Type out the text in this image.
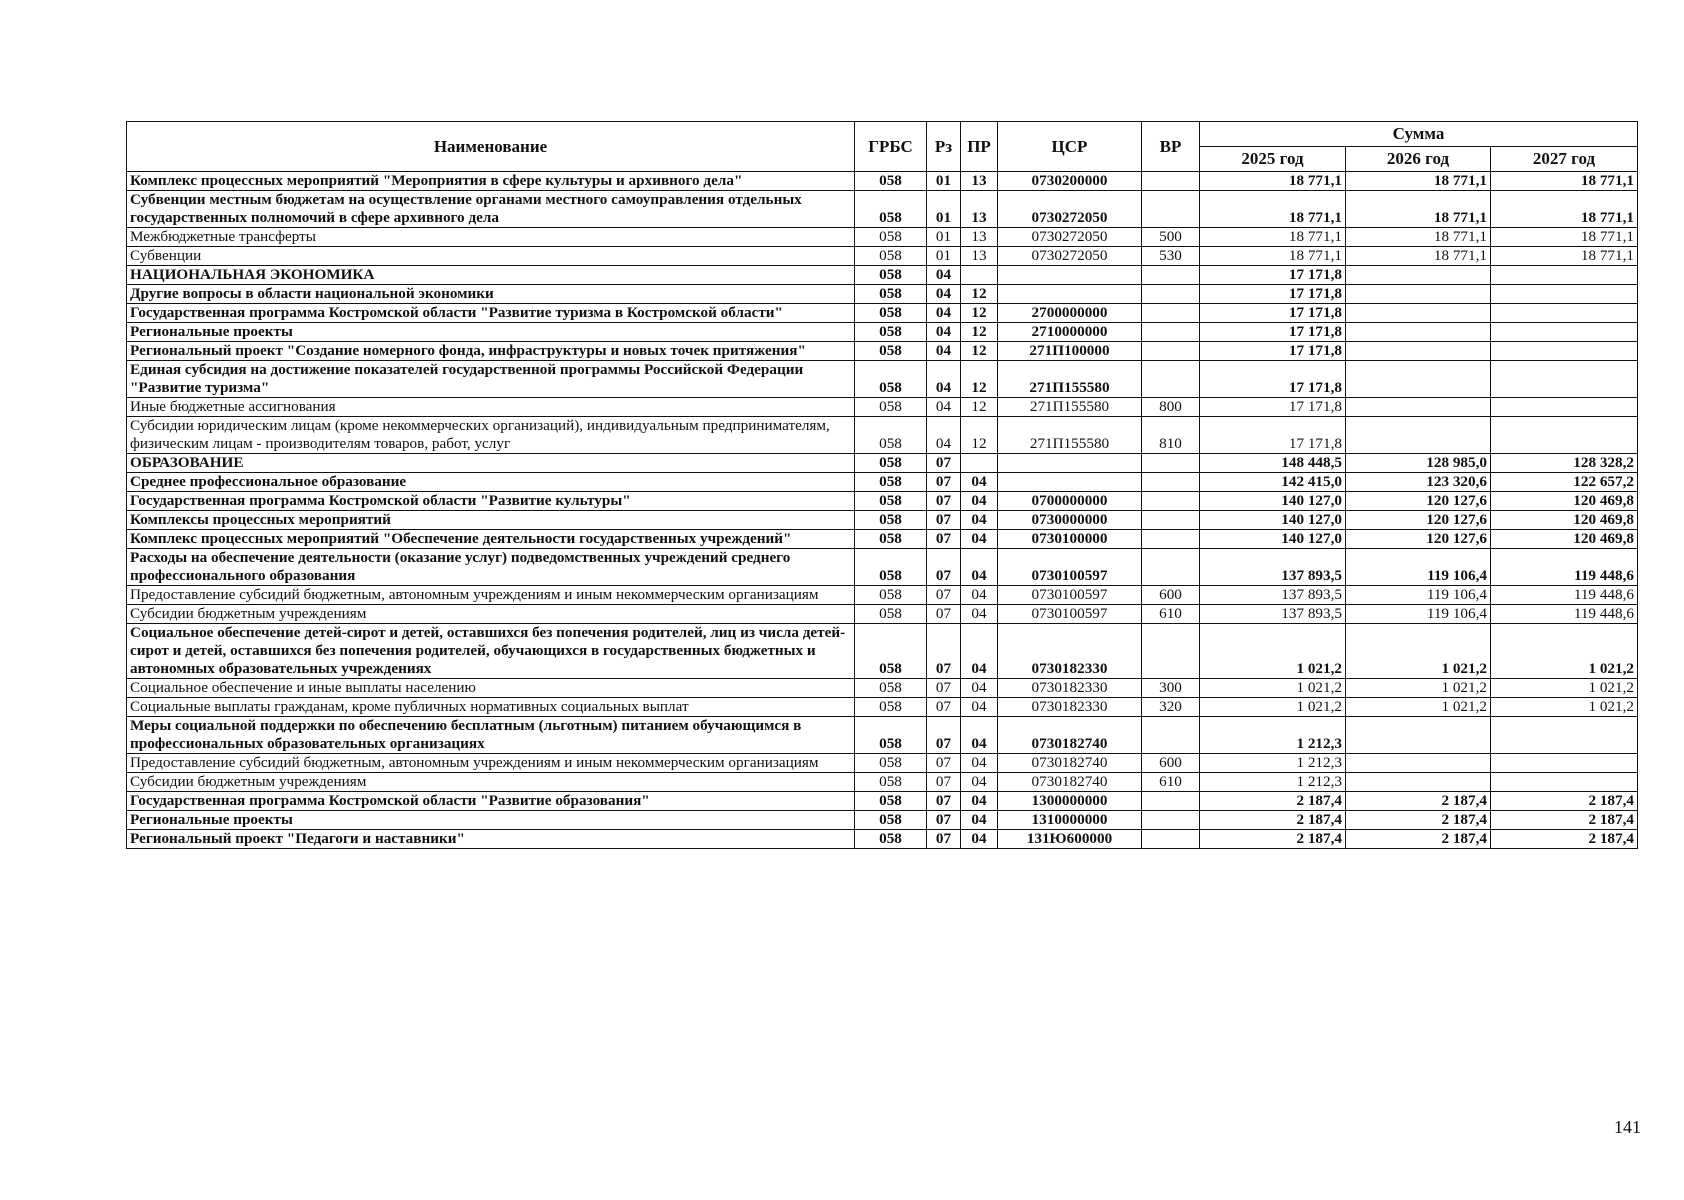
Наименование	ГРБС	Рз	ПР	ЦСР	ВР	Сумма		
						2025 год	2026 год	2027 год
Комплекс процессных мероприятий "Мероприятия в сфере культуры и архивного дела"	058	01	13	0730200000		18 771,1	18 771,1	18 771,1
Субвенции местным бюджетам на осуществление органами местного самоуправления отдельных государственных полномочий в сфере архивного дела	058	01	13	0730272050		18 771,1	18 771,1	18 771,1
Межбюджетные трансферты	058	01	13	0730272050	500	18 771,1	18 771,1	18 771,1
Субвенции	058	01	13	0730272050	530	18 771,1	18 771,1	18 771,1
НАЦИОНАЛЬНАЯ ЭКОНОМИКА	058	04				17 171,8		
Другие вопросы в области национальной экономики	058	04	12			17 171,8		
Государственная программа Костромской области "Развитие туризма в Костромской области"	058	04	12	2700000000		17 171,8		
Региональные проекты	058	04	12	2710000000		17 171,8		
Региональный проект "Создание номерного фонда, инфраструктуры и новых точек притяжения"	058	04	12	271П100000		17 171,8		
Единая субсидия на достижение показателей государственной программы Российской Федерации "Развитие туризма"	058	04	12	271П155580		17 171,8		
Иные бюджетные ассигнования	058	04	12	271П155580	800	17 171,8		
Субсидии юридическим лицам (кроме некоммерческих организаций), индивидуальным предпринимателям, физическим лицам - производителям товаров, работ, услуг	058	04	12	271П155580	810	17 171,8		
ОБРАЗОВАНИЕ	058	07				148 448,5	128 985,0	128 328,2
Среднее профессиональное образование	058	07	04			142 415,0	123 320,6	122 657,2
Государственная программа Костромской области "Развитие культуры"	058	07	04	0700000000		140 127,0	120 127,6	120 469,8
Комплексы процессных мероприятий	058	07	04	0730000000		140 127,0	120 127,6	120 469,8
Комплекс процессных мероприятий "Обеспечение деятельности государственных учреждений"	058	07	04	0730100000		140 127,0	120 127,6	120 469,8
Расходы на обеспечение деятельности (оказание услуг) подведомственных учреждений среднего профессионального образования	058	07	04	0730100597		137 893,5	119 106,4	119 448,6
Предоставление субсидий бюджетным, автономным учреждениям и иным некоммерческим организациям	058	07	04	0730100597	600	137 893,5	119 106,4	119 448,6
Субсидии бюджетным учреждениям	058	07	04	0730100597	610	137 893,5	119 106,4	119 448,6
Социальное обеспечение детей-сирот и детей, оставшихся без попечения родителей, лиц из числа детей-сирот и детей, оставшихся без попечения родителей, обучающихся в государственных бюджетных и автономных образовательных учреждениях	058	07	04	0730182330		1 021,2	1 021,2	1 021,2
Социальное обеспечение и иные выплаты населению	058	07	04	0730182330	300	1 021,2	1 021,2	1 021,2
Социальные выплаты гражданам, кроме публичных нормативных социальных выплат	058	07	04	0730182330	320	1 021,2	1 021,2	1 021,2
Меры социальной поддержки по обеспечению бесплатным (льготным) питанием обучающимся в профессиональных образовательных организациях	058	07	04	0730182740		1 212,3		
Предоставление субсидий бюджетным, автономным учреждениям и иным некоммерческим организациям	058	07	04	0730182740	600	1 212,3		
Субсидии бюджетным учреждениям	058	07	04	0730182740	610	1 212,3		
Государственная программа Костромской области "Развитие образования"	058	07	04	1300000000		2 187,4	2 187,4	2 187,4
Региональные проекты	058	07	04	1310000000		2 187,4	2 187,4	2 187,4
Региональный проект "Педагоги и наставники"	058	07	04	131Ю600000		2 187,4	2 187,4	2 187,4
141
